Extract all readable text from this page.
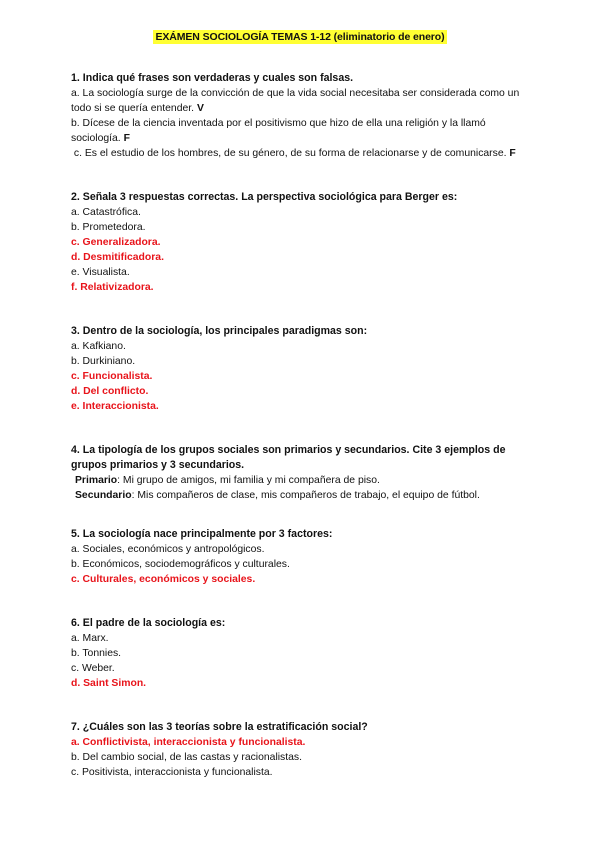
EXÁMEN SOCIOLOGÍA TEMAS 1-12 (eliminatorio de enero)
1. Indica qué frases son verdaderas y cuales son falsas.
a. La sociología surge de la convicción de que la vida social necesitaba ser considerada como un
todo si se quería entender. V
b. Dícese de la ciencia inventada por el positivismo que hizo de ella una religión y la llamó
sociología. F
c. Es el estudio de los hombres, de su género, de su forma de relacionarse y de comunicarse. F
2. Señala 3 respuestas correctas. La perspectiva sociológica para Berger es:
a. Catastrófica.
b. Prometedora.
c. Generalizadora.
d. Desmitificadora.
e. Visualista.
f. Relativizadora.
3. Dentro de la sociología, los principales paradigmas son:
a. Kafkiano.
b. Durkiniano.
c. Funcionalista.
d. Del conflicto.
e. Interaccionista.
4. La tipología de los grupos sociales son primarios y secundarios. Cite 3 ejemplos de
grupos primarios y 3 secundarios.
Primario: Mi grupo de amigos, mi familia y mi compañera de piso.
Secundario: Mis compañeros de clase, mis compañeros de trabajo, el equipo de fútbol.
5. La sociología nace principalmente por 3 factores:
a. Sociales, económicos y antropológicos.
b. Económicos, sociodemográficos y culturales.
c. Culturales, económicos y sociales.
6. El padre de la sociología es:
a. Marx.
b. Tonnies.
c. Weber.
d. Saint Simon.
7. ¿Cuáles son las 3 teorías sobre la estratificación social?
a. Conflictivista, interaccionista y funcionalista.
b. Del cambio social, de las castas y racionalistas.
c. Positivista, interaccionista y funcionalista.
